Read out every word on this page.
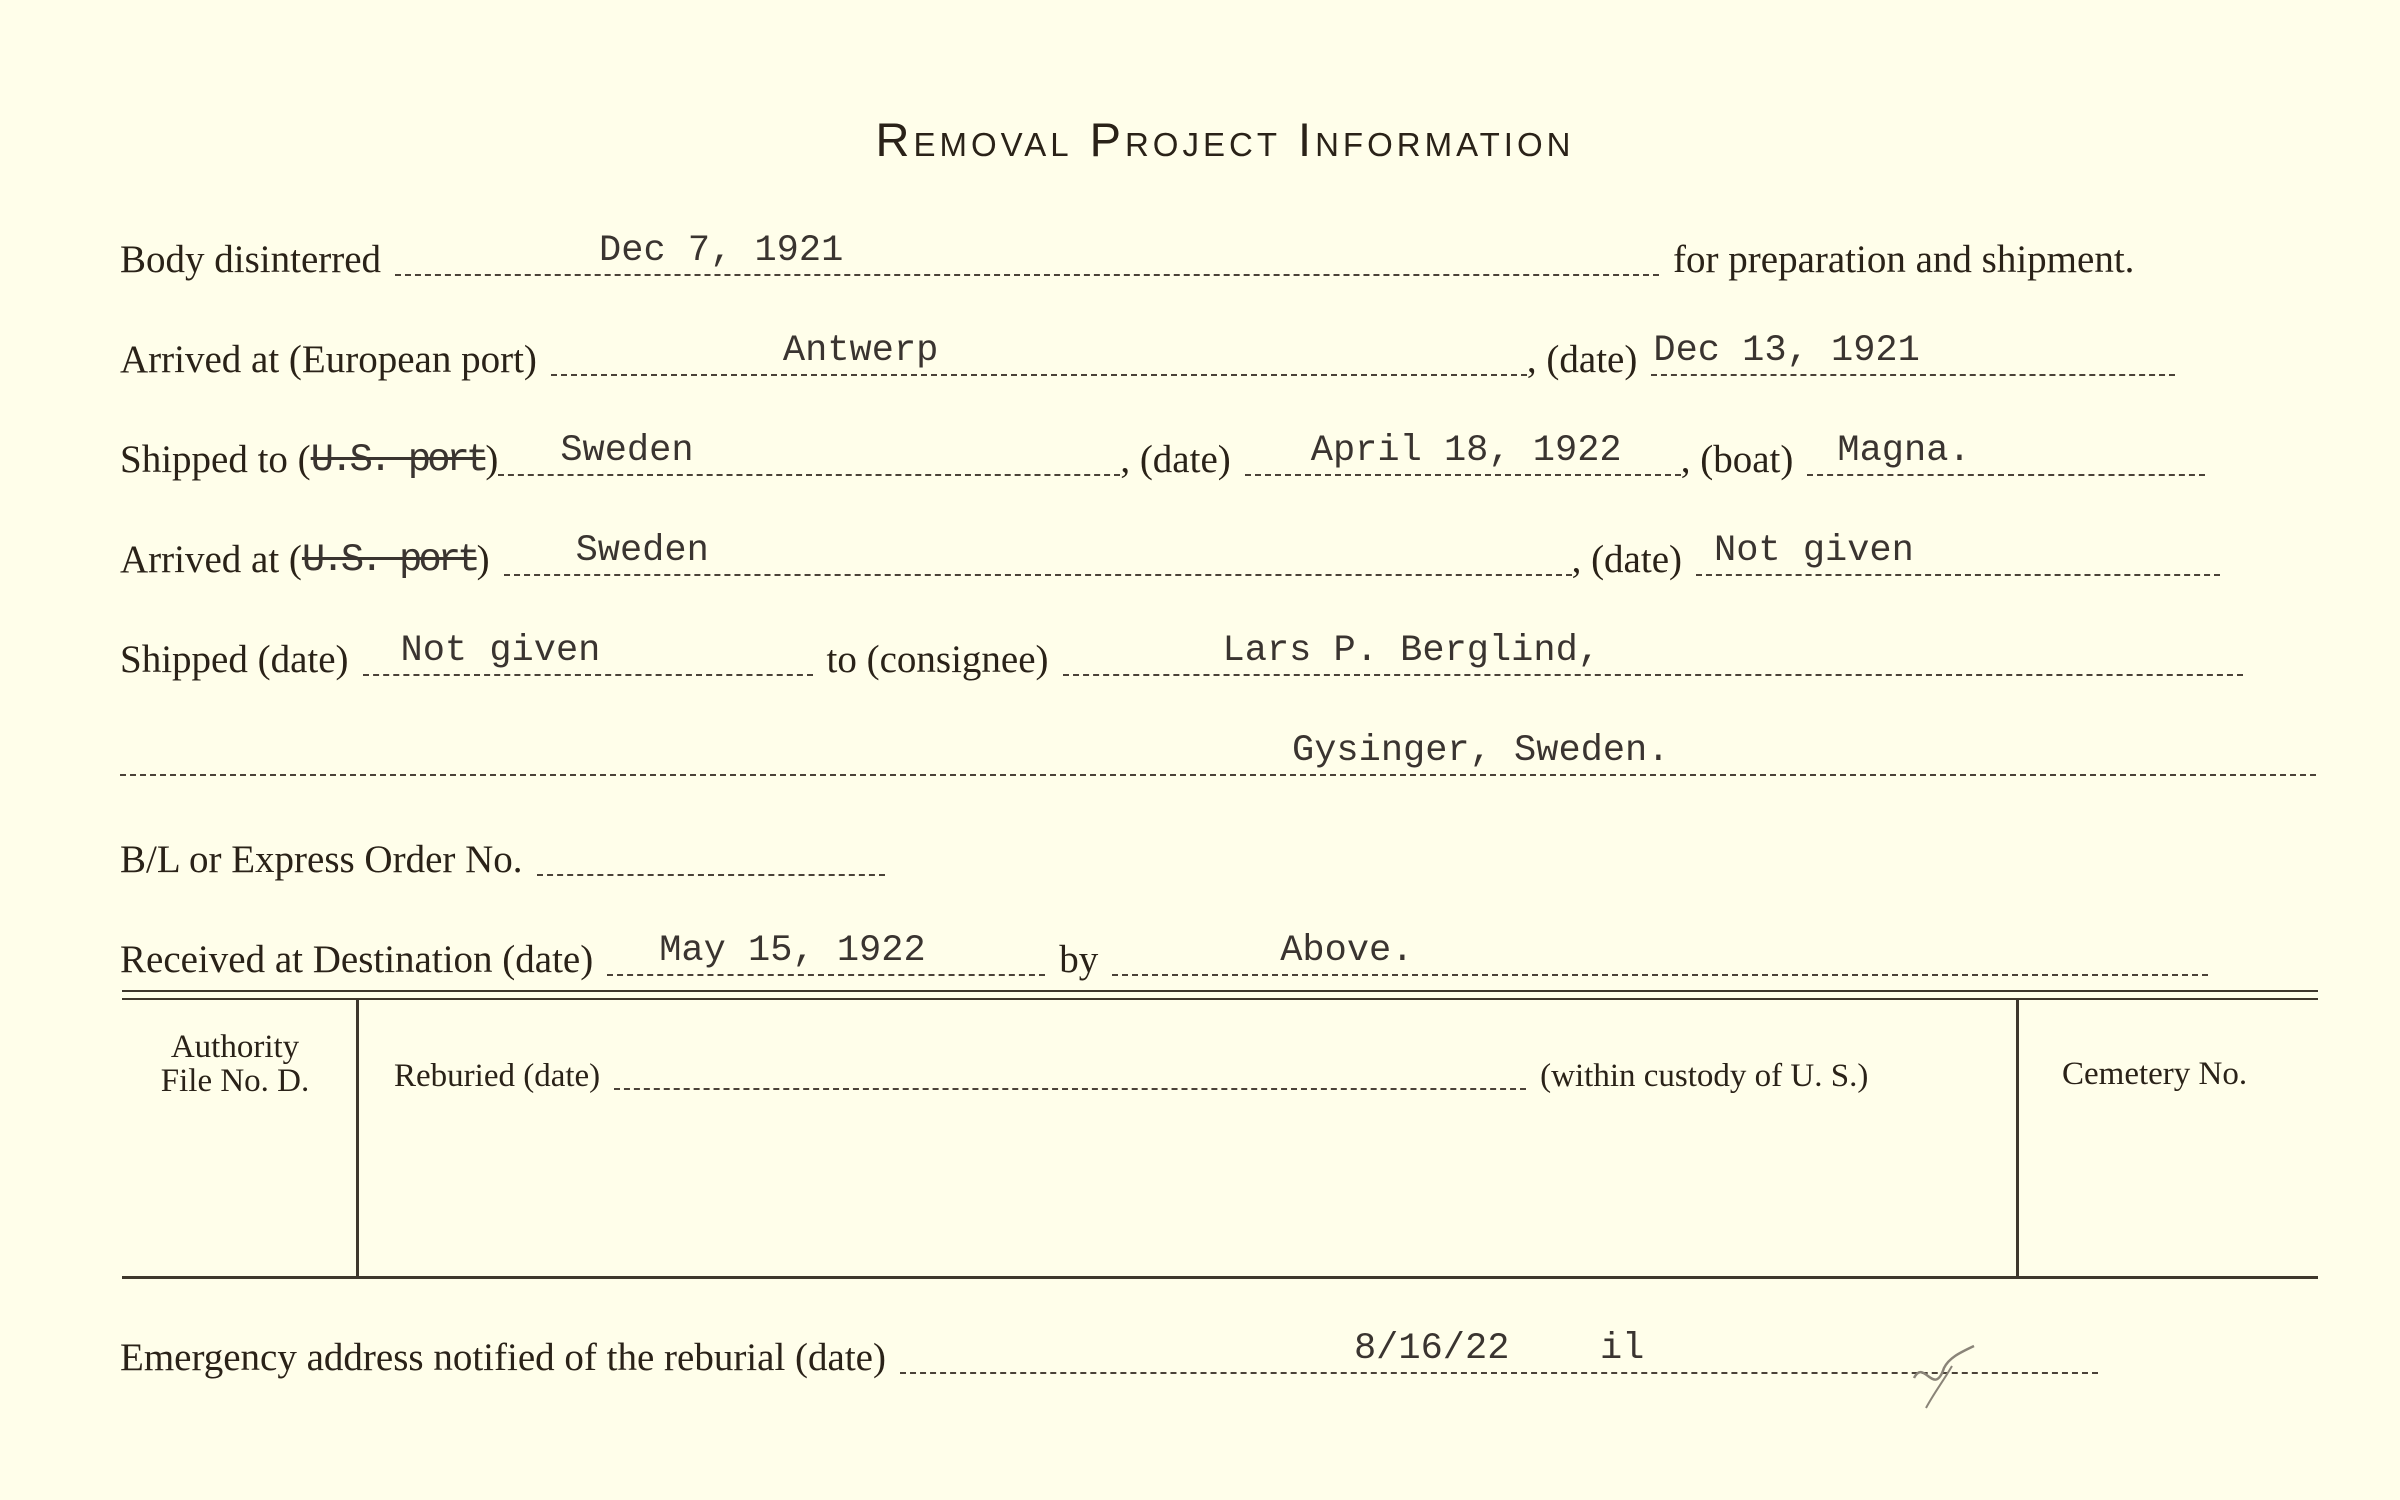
Removal Project Information
Body disinterred	Dec 7, 1921	for preparation and shipment.
Arrived at (European port)	Antwerp	, (date) Dec 13, 1921
Shipped to ( U.S. port ) Sweden	, (date)	April 18, 1922 , (boat)	Magna.
Arrived at ( U.S. port )	Sweden	, (date) Not given
Shipped (date)	Not given	to (consignee)	Lars P. Berglind,
Gysinger, Sweden.
B/L or Express Order No.
Received at Destination (date)	May 15, 1922	by	Above.
Authority
File No. D.	Reburied (date)	(within custody of U. S.)	Cemetery No.
Emergency address notified of the reburial (date)	8/16/22 il
